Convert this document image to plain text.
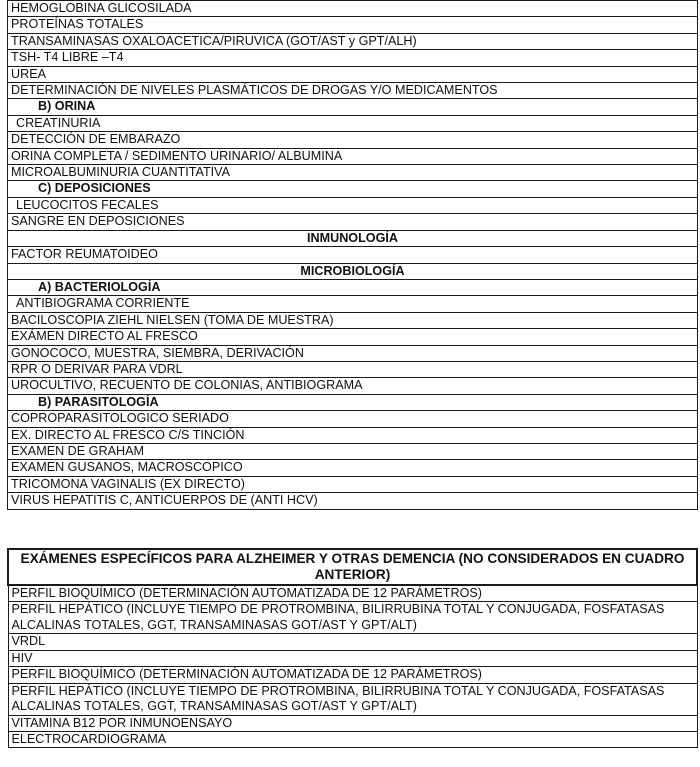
HEMOGLOBINA GLICOSILADA
PROTEÍNAS TOTALES
TRANSAMINASAS OXALOACETICA/PIRUVICA (GOT/AST y GPT/ALH)
TSH- T4 LIBRE –T4
UREA
DETERMINACIÓN DE NIVELES PLASMÁTICOS DE DROGAS Y/O MEDICAMENTOS
B) ORINA
CREATINURIA
DETECCIÓN DE EMBARAZO
ORINA COMPLETA / SEDIMENTO URINARIO/ ALBUMINA
MICROALBUMINURIA CUANTITATIVA
C) DEPOSICIONES
LEUCOCITOS FECALES
SANGRE EN DEPOSICIONES
INMUNOLOGÍA
FACTOR REUMATOIDEO
MICROBIOLOGÍA
A) BACTERIOLOGÍA
ANTIBIOGRAMA CORRIENTE
BACILOSCOPIA ZIEHL NIELSEN (TOMA DE MUESTRA)
EXÁMEN DIRECTO AL FRESCO
GONOCOCO, MUESTRA, SIEMBRA, DERIVACIÓN
RPR O DERIVAR PARA VDRL
UROCULTIVO, RECUENTO DE COLONIAS, ANTIBIOGRAMA
B) PARASITOLOGÍA
COPROPARASITOLOGICO SERIADO
EX. DIRECTO AL FRESCO C/S TINCIÓN
EXAMEN DE GRAHAM
EXAMEN GUSANOS, MACROSCOPICO
TRICOMONA VAGINALIS (EX DIRECTO)
VIRUS HEPATITIS C, ANTICUERPOS DE (ANTI HCV)
EXÁMENES ESPECÍFICOS PARA ALZHEIMER Y OTRAS DEMENCIA (NO CONSIDERADOS EN CUADRO ANTERIOR)
PERFIL BIOQUÍMICO (DETERMINACIÓN AUTOMATIZADA DE 12 PARÁMETROS)
PERFIL HEPÁTICO (INCLUYE TIEMPO DE PROTROMBINA, BILIRRUBINA TOTAL Y CONJUGADA, FOSFATASAS ALCALINAS TOTALES, GGT, TRANSAMINASAS GOT/AST Y GPT/ALT)
VRDL
HIV
PERFIL BIOQUÍMICO (DETERMINACIÓN AUTOMATIZADA DE 12 PARÁMETROS)
PERFIL HEPÁTICO (INCLUYE TIEMPO DE PROTROMBINA, BILIRRUBINA TOTAL Y CONJUGADA, FOSFATASAS ALCALINAS TOTALES, GGT, TRANSAMINASAS GOT/AST Y GPT/ALT)
VITAMINA B12 POR INMUNOENSAYO
ELECTROCARDIOGRAMA
